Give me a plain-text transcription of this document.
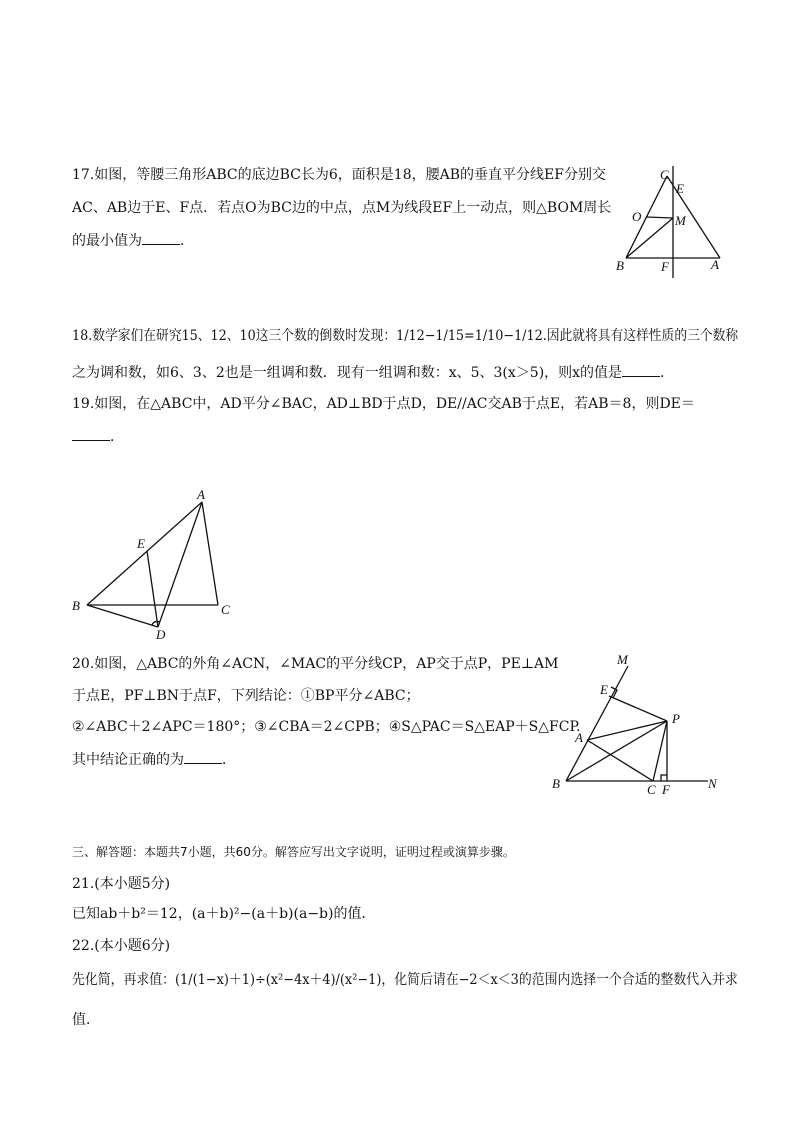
17.如图，等腰三角形ABC的底边BC长为6，面积是18，腰AB的垂直平分线EF分别交
AC、AB边于E、F点．若点O为BC边的中点，点M为线段EF上一动点，则△BOM周长
的最小值为	．
C
E
O	M
B	F	A
18.数学家们在研究15、12、10这三个数的倒数时发现：1/12−1/15=1/10−1/12.因此就将具有这样性质的三个数称
之为调和数，如6、3、2也是一组调和数．现有一组调和数：x、5、3(x＞5)，则x的值是	．
19.如图，在△ABC中，AD平分∠BAC，AD⊥BD于点D，DE//AC交AB于点E，若AB＝8，则DE＝
．
A
E
B	C
D
20.如图，△ABC的外角∠ACN，∠MAC的平分线CP，AP交于点P，PE⊥AM
于点E，PF⊥BN于点F，下列结论：①BP平分∠ABC；
②∠ABC＋2∠APC＝180°；③∠CBA＝2∠CPB；④S△PAC＝S△EAP＋S△FCP.
其中结论正确的为	．
M
E
P
A
B	C F	N
三、解答题：本题共7小题，共60分。解答应写出文字说明，证明过程或演算步骤。
21.(本小题5分)
已知ab＋b²＝12，(a＋b)²−(a＋b)(a−b)的值．
22.(本小题6分)
先化简，再求值：(1/(1−x)＋1)÷(x²−4x＋4)/(x²−1)，化简后请在−2＜x＜3的范围内选择一个合适的整数代入并求
值．
